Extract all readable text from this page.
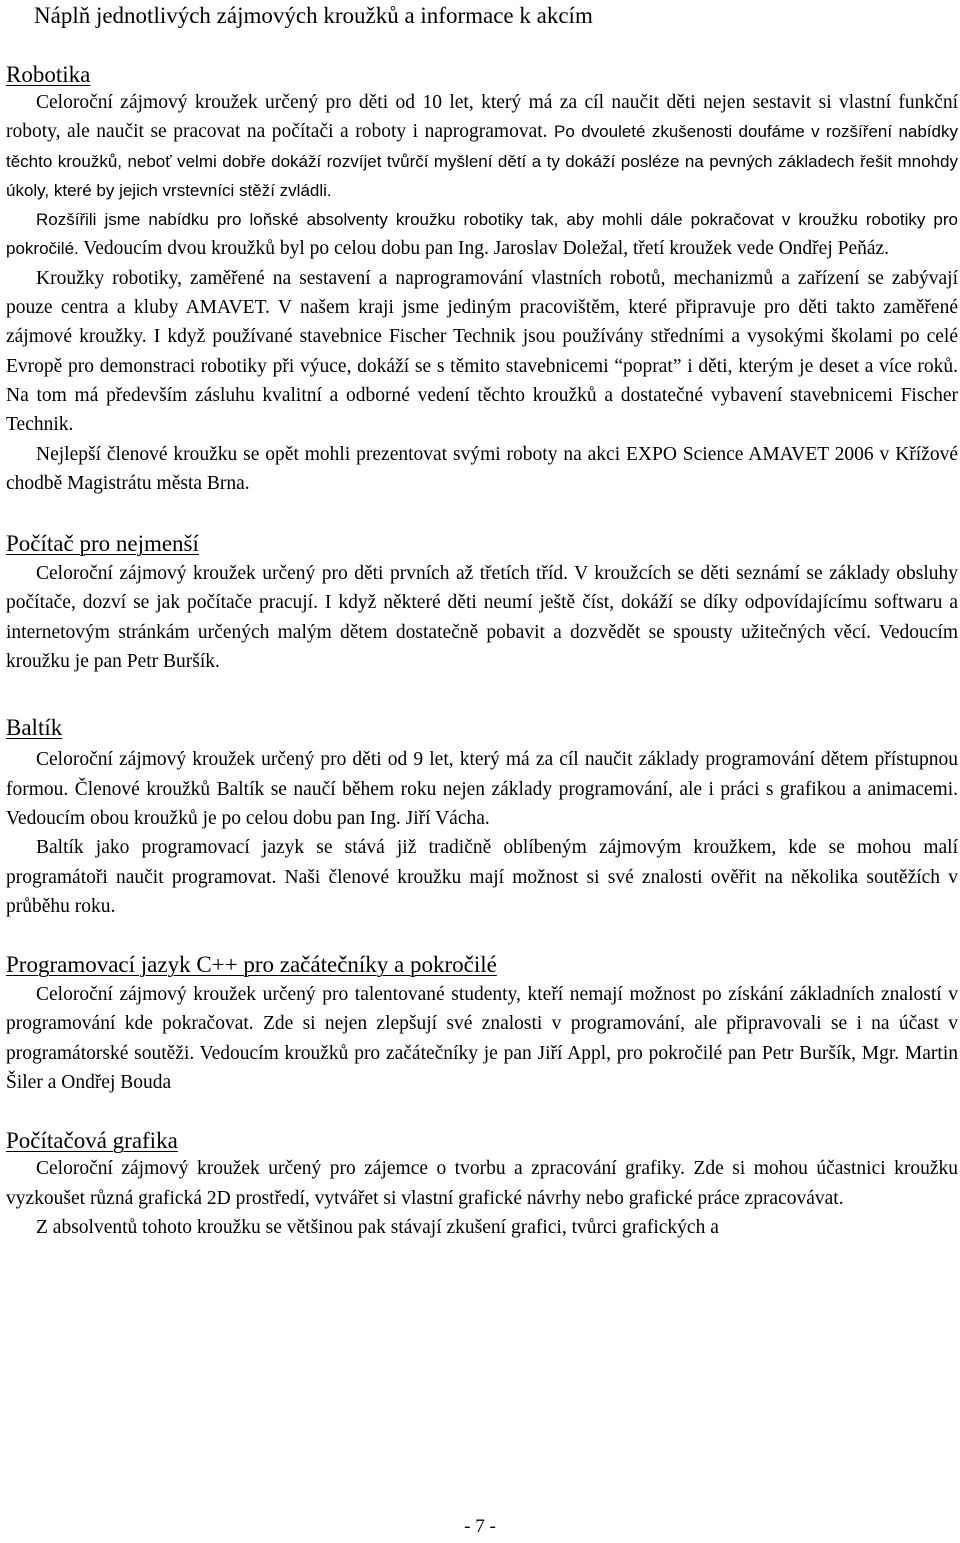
Náplň jednotlivých zájmových kroužků a informace k akcím
Robotika

Celoroční zájmový kroužek určený pro děti od 10 let, který má za cíl naučit děti nejen sestavit si vlastní funkční roboty, ale naučit se pracovat na počítači a roboty i naprogramovat. Po dvouleté zkušenosti doufáme v rozšíření nabídky těchto kroužků, neboť velmi dobře dokáží rozvíjet tvůrčí myšlení dětí a ty dokáží posléze na pevných základech řešit mnohdy úkoly, které by jejich vrstevníci stěží zvládli.

Rozšířili jsme nabídku pro loňské absolventy kroužku robotiky tak, aby mohli dále pokračovat v kroužku robotiky pro pokročilé. Vedoucím dvou kroužků byl po celou dobu pan Ing. Jaroslav Doležal, třetí kroužek vede Ondřej Peňáz.

Kroužky robotiky, zaměřené na sestavení a naprogramování vlastních robotů, mechanizmů a zařízení se zabývají pouze centra a kluby AMAVET. V našem kraji jsme jediným pracovištěm, které připravuje pro děti takto zaměřené zájmové kroužky. I když používané stavebnice Fischer Technik jsou používány středními a vysokými školami po celé Evropě pro demonstraci robotiky při výuce, dokáží se s těmito stavebnicemi “poprat” i děti, kterým je deset a více roků. Na tom má především zásluhu kvalitní a odborné vedení těchto kroužků a dostatečné vybavení stavebnicemi Fischer Technik.

Nejlepší členové kroužku se opět mohli prezentovat svými roboty na akci EXPO Science AMAVET 2006 v Křížové chodbě Magistrátu města Brna.

Počítač pro nejmenší

Celoroční zájmový kroužek určený pro děti prvních až třetích tříd. V kroužcích se děti seznámí se základy obsluhy počítače, dozví se jak počítače pracují. I když některé děti neumí ještě číst, dokáží se díky odpovídajícímu softwaru a internetovým stránkám určených malým dětem dostatečně pobavit a dozvědět se spousty užitečných věcí. Vedoucím kroužku je pan Petr Buršík.

Baltík

Celoroční zájmový kroužek určený pro děti od 9 let, který má za cíl naučit základy programování dětem přístupnou formou. Členové kroužků Baltík se naučí během roku nejen základy programování, ale i práci s grafikou a animacemi. Vedoucím obou kroužků je po celou dobu pan Ing. Jiří Vácha.

Baltík jako programovací jazyk se stává již tradičně oblíbeným zájmovým kroužkem, kde se mohou malí programátoři naučit programovat. Naši členové kroužku mají možnost si své znalosti ověřit na několika soutěžích v průběhu roku.

Programovací jazyk C++ pro začátečníky a pokročilé

Celoroční zájmový kroužek určený pro talentované studenty, kteří nemají možnost po získání základních znalostí v programování kde pokračovat. Zde si nejen zlepšují své znalosti v programování, ale připravovali se i na účast v programátorské soutěži. Vedoucím kroužků pro začátečníky je pan Jiří Appl, pro pokročilé pan Petr Buršík, Mgr. Martin Šiler a Ondřej Bouda

Počítačová grafika

Celoroční zájmový kroužek určený pro zájemce o tvorbu a zpracování grafiky. Zde si mohou účastnici kroužku vyzkoušet různá grafická 2D prostředí, vytvářet si vlastní grafické návrhy nebo grafické práce zpracovávat.

Z absolventů tohoto kroužku se většinou pak stávají zkušení grafici, tvůrci grafických a

- 7 -
